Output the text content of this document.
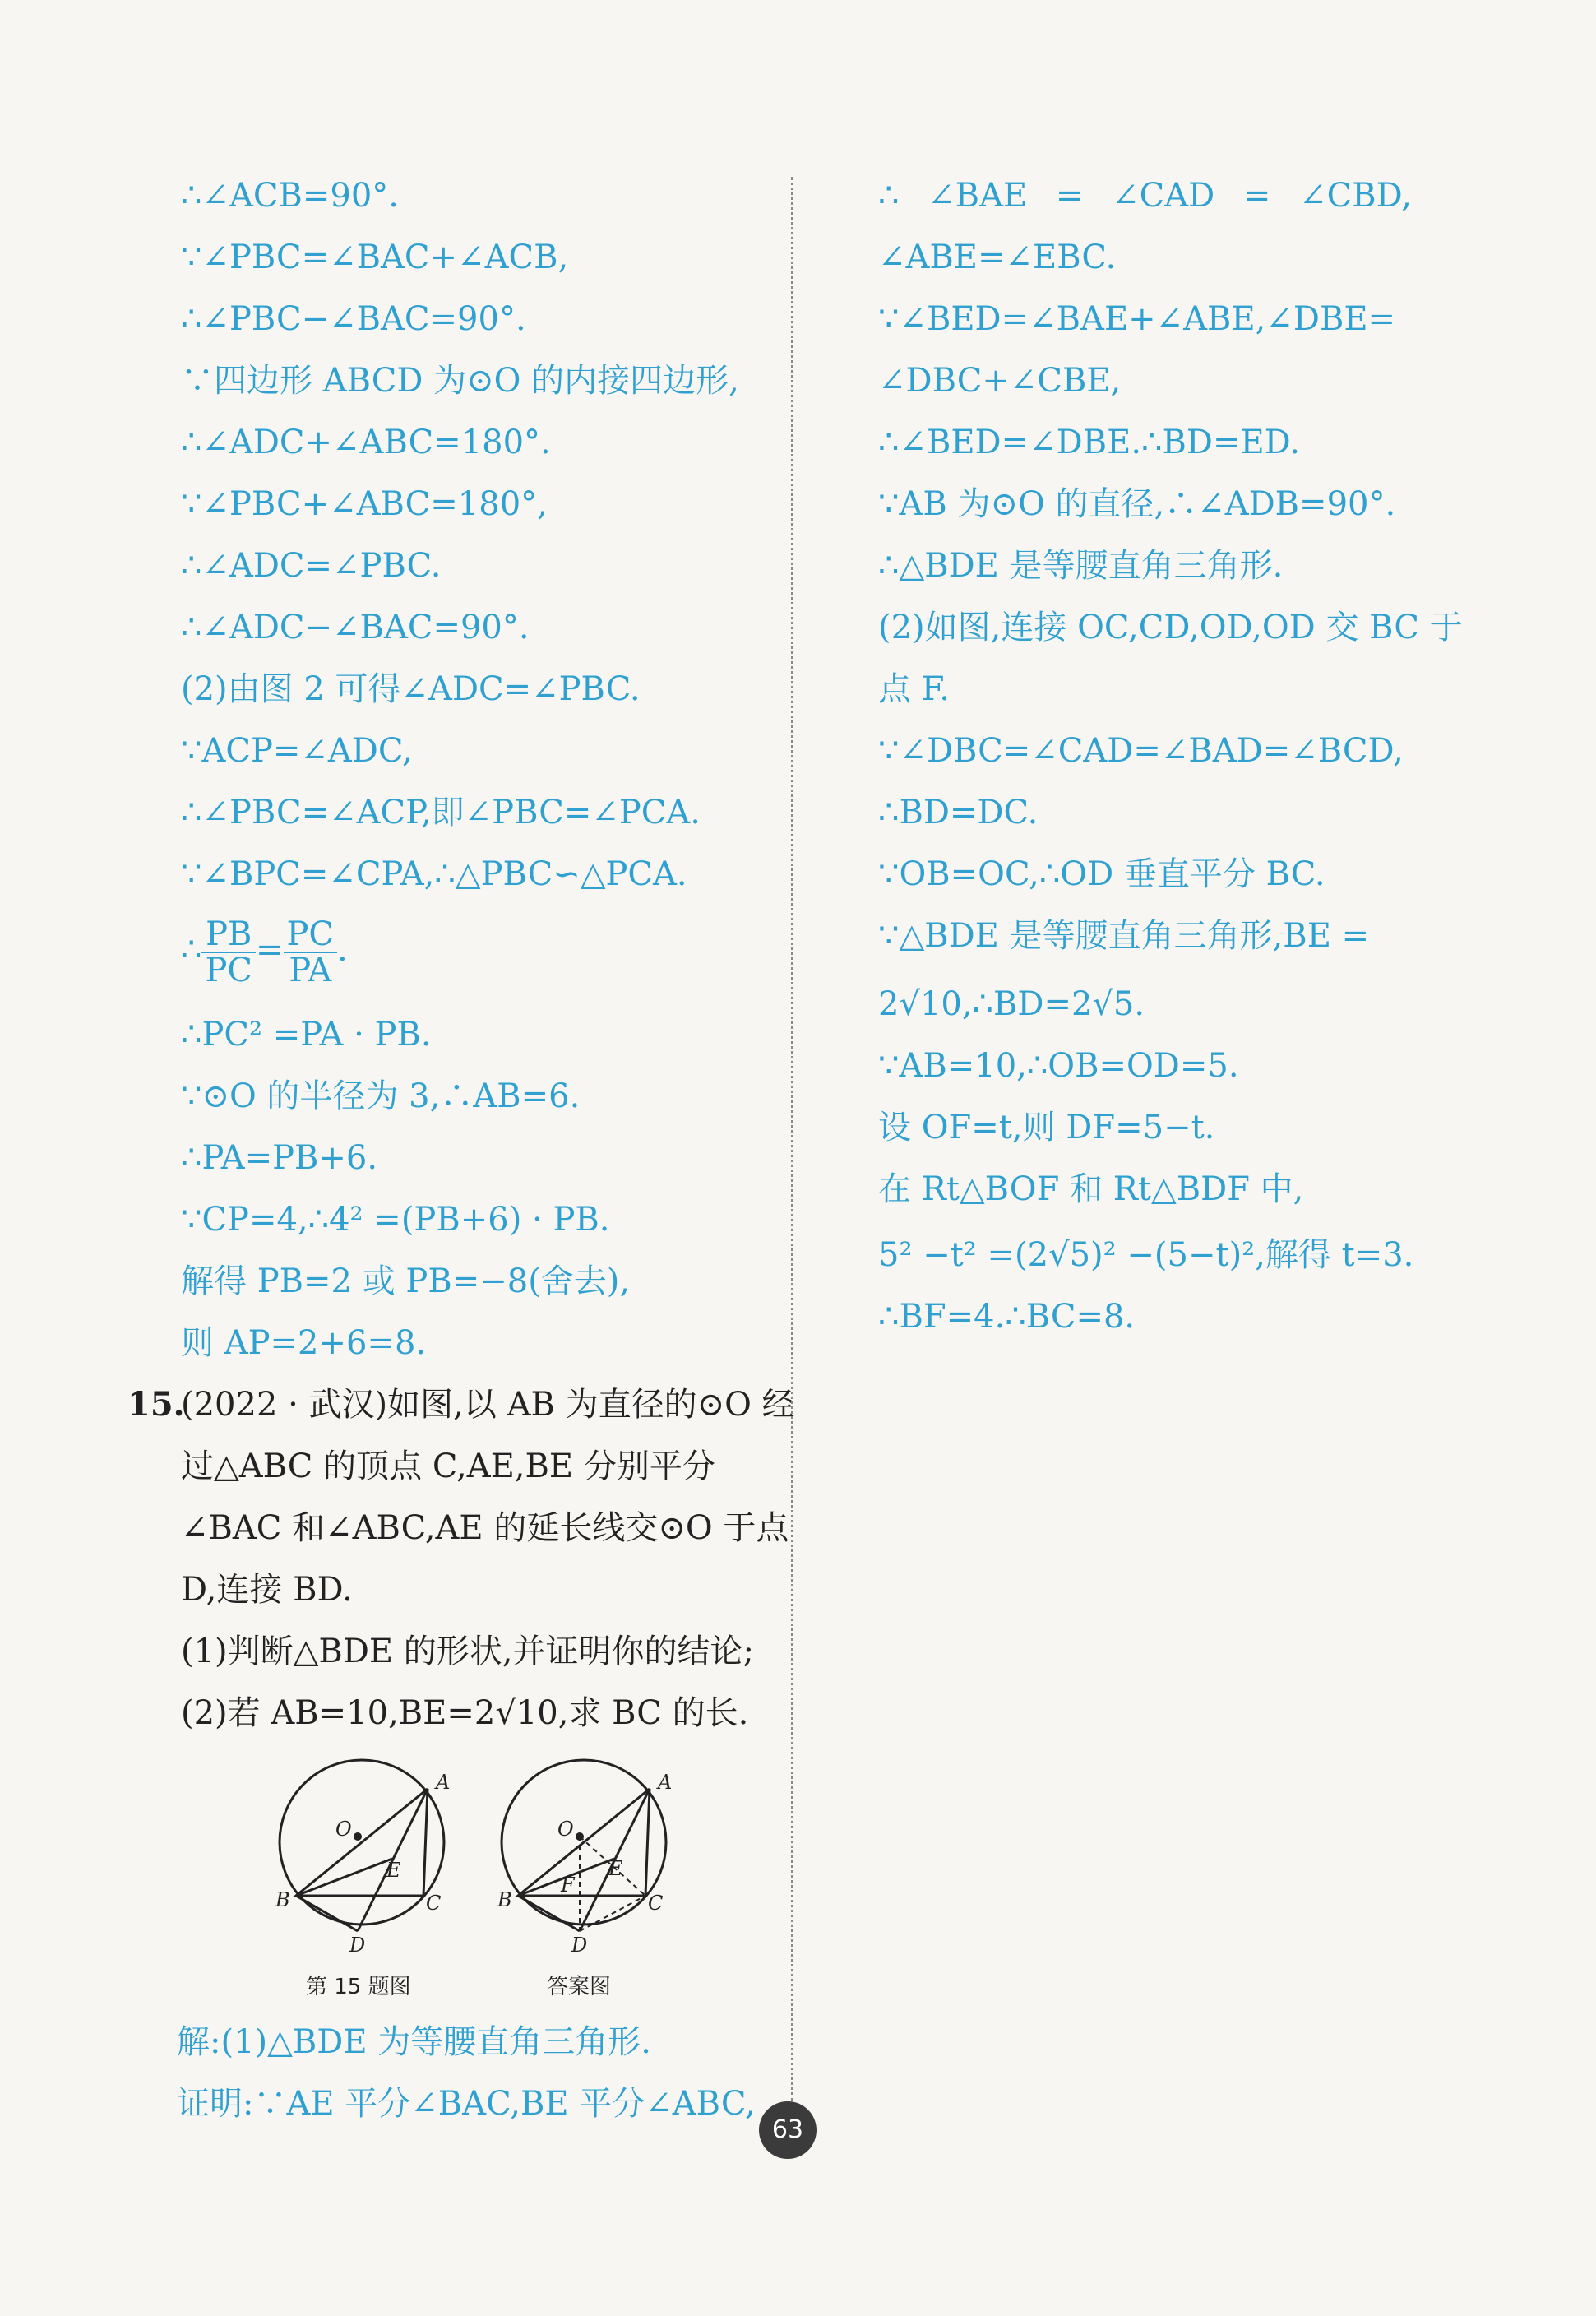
∴∠ACB=90°.
∵∠PBC=∠BAC+∠ACB,
∴∠PBC−∠BAC=90°.
∵四边形 ABCD 为⊙O 的内接四边形,
∴∠ADC+∠ABC=180°.
∵∠PBC+∠ABC=180°,
∴∠ADC=∠PBC.
∴∠ADC−∠BAC=90°.
(2)由图 2 可得∠ADC=∠PBC.
∵ACP=∠ADC,
∴∠PBC=∠ACP,即∠PBC=∠PCA.
∵∠BPC=∠CPA,∴△PBC∽△PCA.
∴ $\frac{PB}{PC} = \frac{PC}{PA}$ .
∴PC² =PA · PB.
∵⊙O 的半径为 3,∴AB=6.
∴PA=PB+6.
∵CP=4,∴4² =(PB+6) · PB.
解得 PB=2 或 PB=−8(舍去),
则 AP=2+6=8.
15.
(2022 · 武汉)如图,以 AB 为直径的⊙O 经
过△ABC 的顶点 C,AE,BE 分别平分
∠BAC 和∠ABC,AE 的延长线交⊙O 于点
D,连接 BD.
(1)判断△BDE 的形状,并证明你的结论;
(2)若 AB=10,BE=2√10,求 BC 的长.
A
O
E
B	C
D
A
O
E
F
B	C
D
第 15 题图	答案图
解:(1)△BDE 为等腰直角三角形.
证明:∵AE 平分∠BAC,BE 平分∠ABC,
∴ ∠BAE = ∠CAD = ∠CBD,
∠ABE=∠EBC.
∵∠BED=∠BAE+∠ABE,∠DBE=
∠DBC+∠CBE,
∴∠BED=∠DBE.∴BD=ED.
∵AB 为⊙O 的直径,∴∠ADB=90°.
∴△BDE 是等腰直角三角形.
(2)如图,连接 OC,CD,OD,OD 交 BC 于
点 F.
∵∠DBC=∠CAD=∠BAD=∠BCD,
∴BD=DC.
∵OB=OC,∴OD 垂直平分 BC.
∵△BDE 是等腰直角三角形,BE =
2√10,∴BD=2√5.
∵AB=10,∴OB=OD=5.
设 OF=t,则 DF=5−t.
在 Rt△BOF 和 Rt△BDF 中,
5² −t² =(2√5)² −(5−t)²,解得 t=3.
∴BF=4.∴BC=8.
63
